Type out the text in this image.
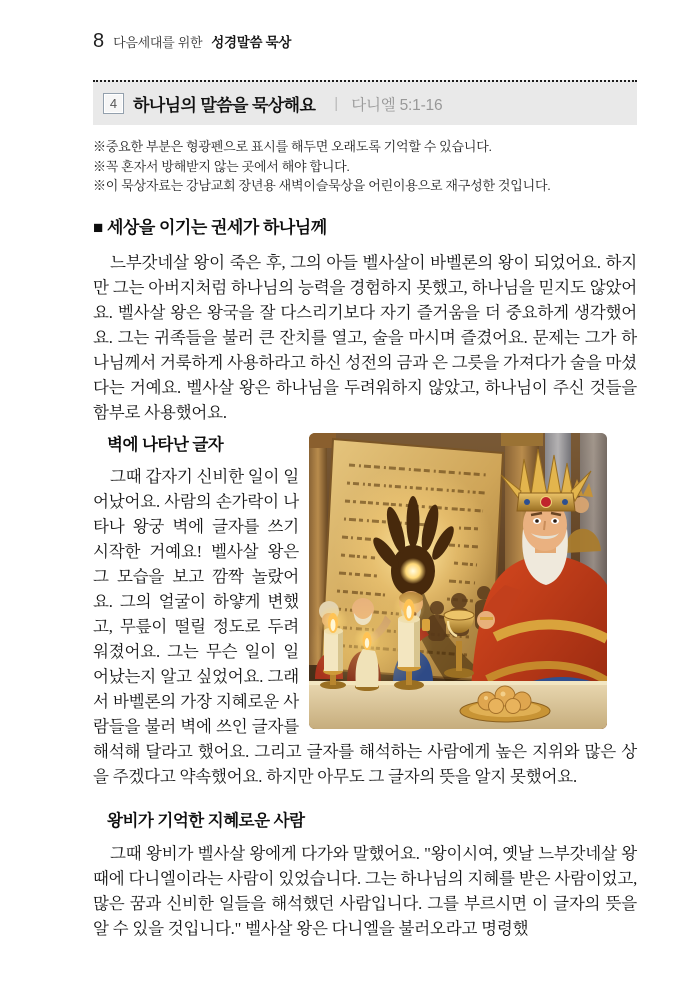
8 다음세대를 위한 성경말씀 묵상
4 하나님의 말씀을 묵상해요 | 다니엘 5:1-16
※중요한 부분은 형광펜으로 표시를 해두면 오래도록 기억할 수 있습니다.
※꼭 혼자서 방해받지 않는 곳에서 해야 합니다.
※이 묵상자료는 강남교회 장년용 새벽이슬묵상을 어린이용으로 재구성한 것입니다.
■ 세상을 이기는 권세가 하나님께

느부갓네살 왕이 죽은 후, 그의 아들 벨사살이 바벨론의 왕이 되었어요. 하지만 그는 아버지처럼 하나님의 능력을 경험하지 못했고, 하나님을 믿지도 않았어요. 벨사살 왕은 왕국을 잘 다스리기보다 자기 즐거움을 더 중요하게 생각했어요. 그는 귀족들을 불러 큰 잔치를 열고, 술을 마시며 즐겼어요. 문제는 그가 하나님께서 거룩하게 사용하라고 하신 성전의 금과 은 그릇을 가져다가 술을 마셨다는 거예요. 벨사살 왕은 하나님을 두려워하지 않았고, 하나님이 주신 것들을 함부로 사용했어요.

벽에 나타난 글자

그때 갑자기 신비한 일이 일어났어요. 사람의 손가락이 나타나 왕궁 벽에 글자를 쓰기 시작한 거예요! 벨사살 왕은 그 모습을 보고 깜짝 놀랐어요. 그의 얼굴이 하얗게 변했고, 무릎이 떨릴 정도로 두려워졌어요. 그는 무슨 일이 일어났는지 알고 싶었어요. 그래서 바벨론의 가장 지혜로운 사람들을 불러 벽에 쓰인 글자를 해석해 달라고 했어요. 그리고 글자를 해석하는 사람에게 높은 지위와 많은 상을 주겠다고 약속했어요. 하지만 아무도 그 글자의 뜻을 알지 못했어요.

왕비가 기억한 지혜로운 사람

그때 왕비가 벨사살 왕에게 다가와 말했어요. "왕이시여, 옛날 느부갓네살 왕 때에 다니엘이라는 사람이 있었습니다. 그는 하나님의 지혜를 받은 사람이었고, 많은 꿈과 신비한 일들을 해석했던 사람입니다. 그를 부르시면 이 글자의 뜻을 알 수 있을 것입니다." 벨사살 왕은 다니엘을 불러오라고 명령했
